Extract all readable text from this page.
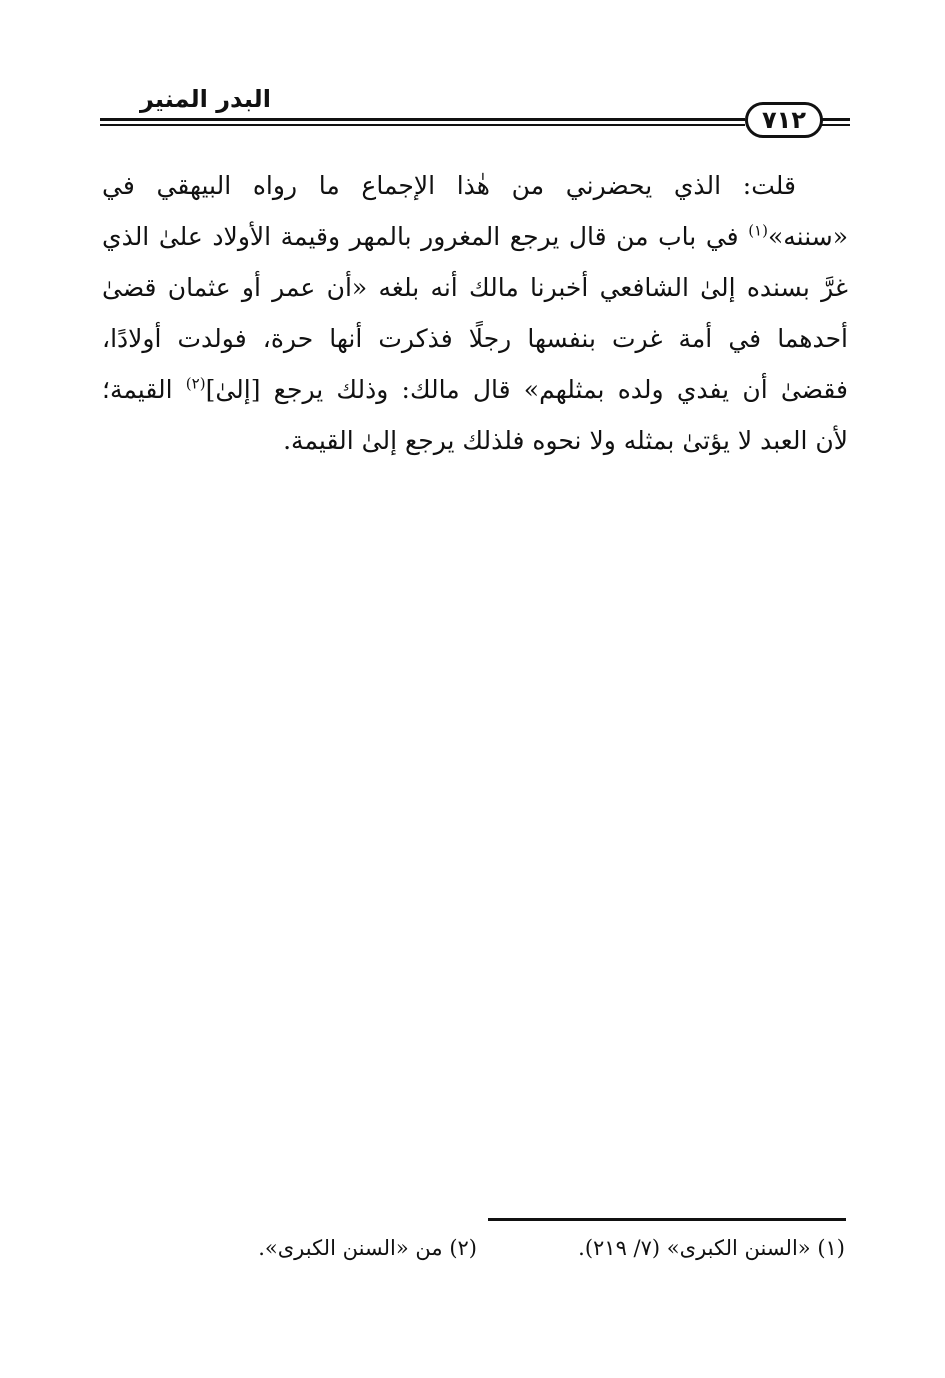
البدر المنير
٧١٢
قلت: الذي يحضرني من هٰذا الإجماع ما رواه البيهقي في
«سننه»$^{(١)}$ في باب من قال يرجع المغرور بالمهر وقيمة الأولاد علىٰ الذي
غرَّ بسنده إلىٰ الشافعي أخبرنا مالك أنه بلغه «أن عمر أو عثمان قضىٰ
أحدهما في أمة غرت بنفسها رجلًا فذكرت أنها حرة، فولدت أولادًا،
فقضىٰ أن يفدي ولده بمثلهم» قال مالك: وذلك يرجع [إلىٰ]$^{(٢)}$ القيمة؛
لأن العبد لا يؤتىٰ بمثله ولا نحوه فلذلك يرجع إلىٰ القيمة.
(١) «السنن الكبرى» (٧/ ٢١٩).
(٢) من «السنن الكبرى».
